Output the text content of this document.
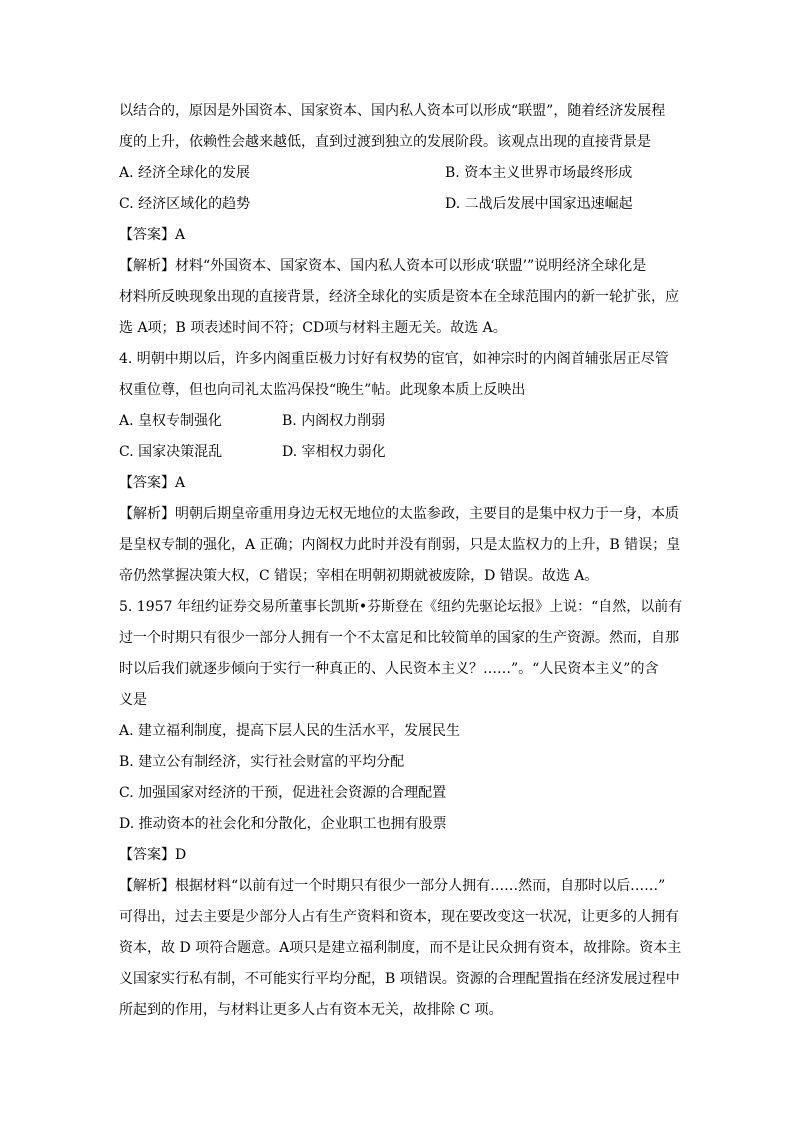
以结合的，原因是外国资本、国家资本、国内私人资本可以形成“联盟”，随着经济发展程
度的上升，依赖性会越来越低，直到过渡到独立的发展阶段。该观点出现的直接背景是
A. 经济全球化的发展	B. 资本主义世界市场最终形成
C. 经济区域化的趋势	D. 二战后发展中国家迅速崛起
【答案】A
【解析】材料“外国资本、国家资本、国内私人资本可以形成‘联盟’”说明经济全球化是
材料所反映现象出现的直接背景，经济全球化的实质是资本在全球范围内的新一轮扩张，应
选 A项；B 项表述时间不符；CD项与材料主题无关。故选 A。
4. 明朝中期以后，许多内阁重臣极力讨好有权势的宦官，如神宗时的内阁首辅张居正尽管
权重位尊，但也向司礼太监冯保投“晚生”帖。此现象本质上反映出
A. 皇权专制强化	B. 内阁权力削弱
C. 国家决策混乱	D. 宰相权力弱化
【答案】A
【解析】明朝后期皇帝重用身边无权无地位的太监参政，主要目的是集中权力于一身，本质
是皇权专制的强化，A 正确；内阁权力此时并没有削弱，只是太监权力的上升，B 错误；皇
帝仍然掌握决策大权，C 错误；宰相在明朝初期就被废除，D 错误。故选 A。
5. 1957 年纽约证券交易所董事长凯斯•芬斯登在《纽约先驱论坛报》上说：“自然，以前有
过一个时期只有很少一部分人拥有一个不太富足和比较简单的国家的生产资源。然而，自那
时以后我们就逐步倾向于实行一种真正的、人民资本主义？……”。“人民资本主义”的含
义是
A. 建立福利制度，提高下层人民的生活水平，发展民生
B. 建立公有制经济，实行社会财富的平均分配
C. 加强国家对经济的干预，促进社会资源的合理配置
D. 推动资本的社会化和分散化，企业职工也拥有股票
【答案】D
【解析】根据材料“以前有过一个时期只有很少一部分人拥有……然而，自那时以后……”
可得出，过去主要是少部分人占有生产资料和资本，现在要改变这一状况，让更多的人拥有
资本，故 D 项符合题意。A项只是建立福利制度，而不是让民众拥有资本，故排除。资本主
义国家实行私有制，不可能实行平均分配，B 项错误。资源的合理配置指在经济发展过程中
所起到的作用，与材料让更多人占有资本无关，故排除 C 项。
